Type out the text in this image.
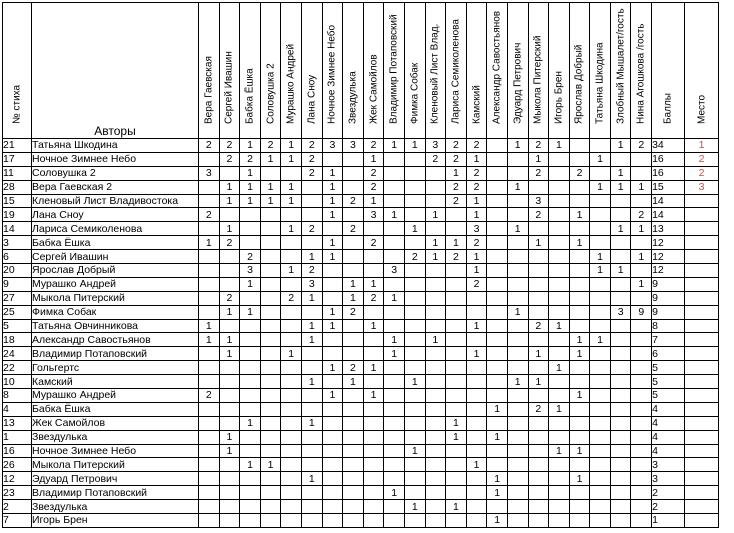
№ стиха	Авторы	Вера Гаевская	Сергей Ивашин	Бабка Ёшка	Соловушка 2	Мурашко Андрей	Лана Сноу	Ночное Зимнее Небо	Звездулька	Жек Самойлов	Владимир Потаповский	Фимка Собак	Кленовый Лист Влад.	Лариса Семиколенова	Камский	Александр Савостьянов	Эдуард Петрович	Мыкола Питерский	Игорь Брен	Ярослав Добрый	Татьяна Шкодина	Злобный Мышалет/гость	Нина Агошкова /гость	Баллы	Место

21	Татьяна Шкодина	2	2	1	2	1	2	3	3	2	1	1	3	2	2		1	2	1			1	2	34	1
17	Ночное Зимнее Небо		2	2	1	1	2			1			2	2	1			1			1			16	2
11	Соловушка 2	3		1			2	1		2				1	2			2		2		1		16	2
28	Вера Гаевская 2		1	1	1	1		1		2				2	2		1				1	1	1	15	3
15	Кленовый Лист Владивостока		1	1	1	1		1	2	1				2	1			3						14	
19	Лана Сноу	2						1		3	1		1		1			2		1			2	14	
14	Лариса Семиколенова		1			1	2		2			1			3		1					1	1	13	
3	Бабка Ёшка	1	2					1		2			1	1	2			1		1				12	
6	Сергей Ивашин			2			1	1				2	1	2	1						1		1	12	
20	Ярослав Добрый			3		1	2				3				1						1	1		12	
9	Мурашко Андрей			1			3		1	1					2								1	9	
27	Мыкола Питерский		2			2	1		1	2	1													9	
25	Фимка Собак		1	1				1	2								1					3	9	9	
5	Татьяна Овчинникова	1					1	1		1					1			2	1					8	
18	Александр Савостьянов	1	1				1				1		1							1	1			7	
24	Владимир Потаповский		1			1					1				1			1		1				6	
22	Гольгертс							1	2	1									1					5	
10	Камский						1		1			1					1	1						5	
8	Мурашко Андрей	2						1		1										1				5	
4	Бабка Ёшка															1		2	1					4	
13	Жек Самойлов			1			1							1										4	
1	Звездулька		1											1		1								4	
16	Ночное Зимнее Небо		1									1							1	1				4	
26	Мыкола Питерский			1	1										1									3	
12	Эдуард Петрович						1									1				1				3	
23	Владимир Потаповский										1					1								2	
2	Звездулька											1		1										2	
7	Игорь Брен															1								1	
